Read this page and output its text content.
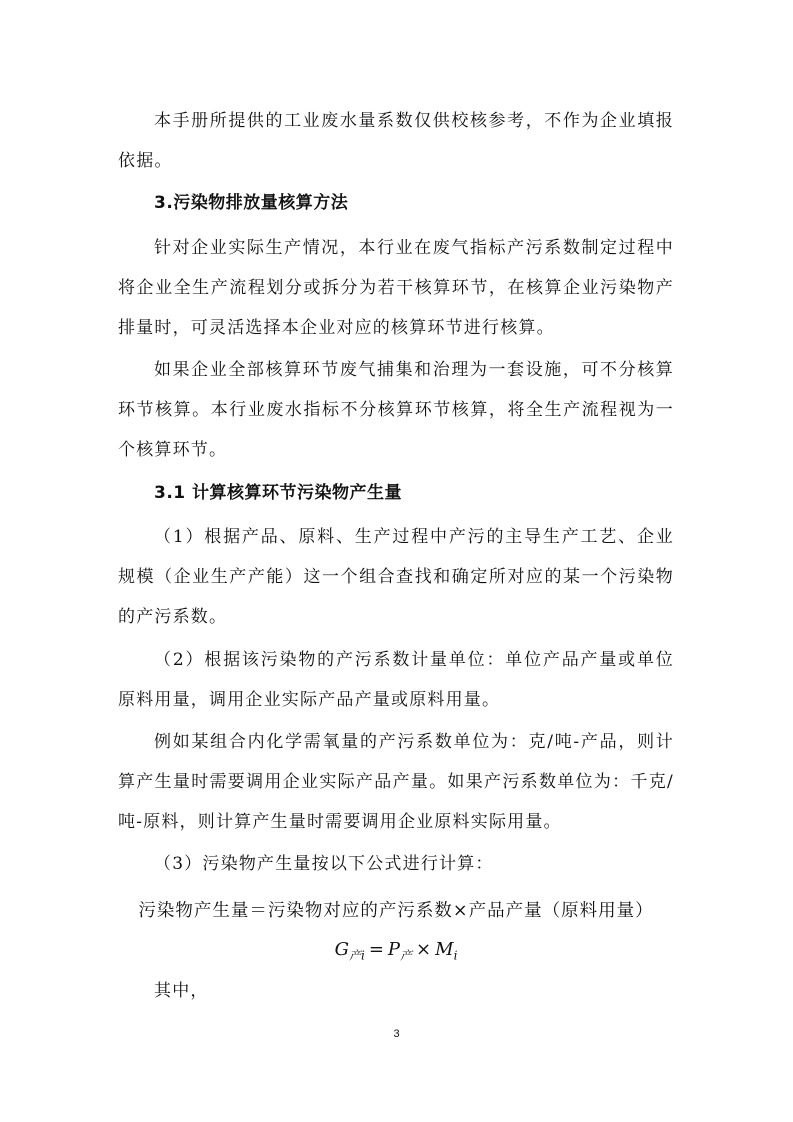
本手册所提供的工业废水量系数仅供校核参考，不作为企业填报依据。

3.污染物排放量核算方法

针对企业实际生产情况，本行业在废气指标产污系数制定过程中将企业全生产流程划分或拆分为若干核算环节，在核算企业污染物产排量时，可灵活选择本企业对应的核算环节进行核算。

如果企业全部核算环节废气捕集和治理为一套设施，可不分核算环节核算。本行业废水指标不分核算环节核算，将全生产流程视为一个核算环节。

3.1 计算核算环节污染物产生量

（1）根据产品、原料、生产过程中产污的主导生产工艺、企业规模（企业生产产能）这一个组合查找和确定所对应的某一个污染物的产污系数。

（2）根据该污染物的产污系数计量单位：单位产品产量或单位原料用量，调用企业实际产品产量或原料用量。

例如某组合内化学需氧量的产污系数单位为：克/吨-产品，则计算产生量时需要调用企业实际产品产量。如果产污系数单位为：千克/吨-原料，则计算产生量时需要调用企业原料实际用量。

（3）污染物产生量按以下公式进行计算：

污染物产生量＝污染物对应的产污系数×产品产量（原料用量）

$G_{产i} = P_产 \times M_i$

其中，

3
